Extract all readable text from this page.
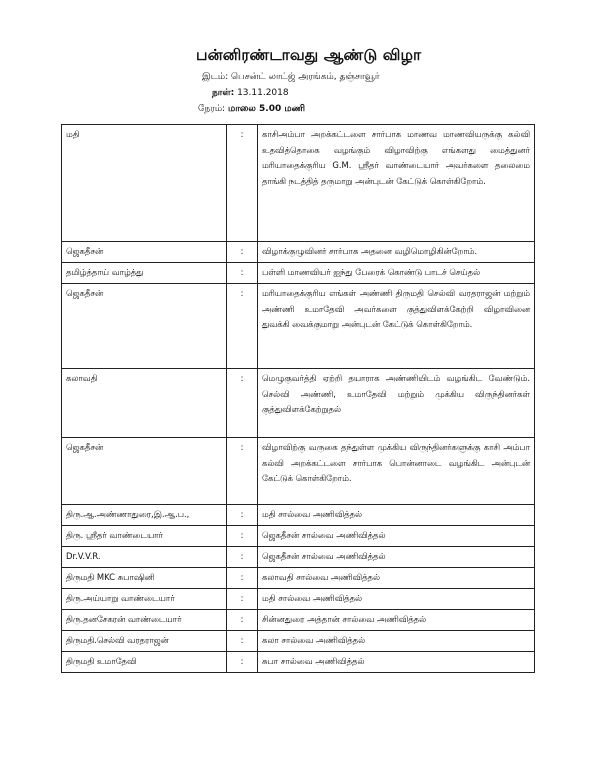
பன்னிரண்டாவது ஆண்டு விழா
இடம்: பெசன்ட் லாட்ஜ் அரங்கம், தஞ்சாவூர்
நாள்: 13.11.2018
நேரம்: மாலை 5.00 மணி
மதி	:	காசிஅம்பா அறக்கட்டளை சார்பாக மாணவ மாணவியருக்கு கல்வி உதவித்தொகை வழங்கும் விழாவிற்கு எங்களது மைத்துனர் மரியாதைக்குரிய G.M. ஸ்ரீதர் வாண்டையார் அவர்களை தலைமை தாங்கி நடத்தித் தருமாறு அன்புடன் கேட்டுக் கொள்கிறோம்.
ஜெகதீசன்	:	விழாக்குழுவினர் சார்பாக அதனை வழிமொழிகின்றோம்.
தமிழ்த்தாய் வாழ்த்து	:	பள்ளி மாணவியர் ஐந்து பேரைக் கொண்டு பாடச் செய்தல்
ஜெகதீசன்	:	மரியாதைக்குரிய எங்கள் அண்ணி திருமதி செல்வி வரதராஜன் மற்றும் அண்ணி உமாதேவி அவர்களை குத்துவிளக்கேற்றி விழாவினை துவக்கி வைக்குமாறு அன்புடன் கேட்டுக் கொள்கிறோம்.
கலாவதி	:	மெழுகுவர்த்தி ஏற்றி தயாராக அண்ணியிடம் வழங்கிட வேண்டும். செல்வி அண்ணி, உமாதேவி மற்றும் முக்கிய விருந்தினர்கள் குத்துவிளக்கேற்றுதல்
ஜெகதீசன்	:	விழாவிற்கு வருகை தந்துள்ள முக்கிய விருந்தினர்களுக்கு காசி அம்பா கல்வி அறக்கட்டளை சார்பாக பொன்னாடை வழங்கிட அன்புடன் கேட்டுக் கொள்கிறோம்.
திரு.ஆ.அண்ணாதுரை,இ.ஆ.ப.,	:	மதி சால்வை அணிவித்தல்
திரு. ஸ்ரீதர் வாண்டையார்	:	ஜெகதீசன் சால்வை அணிவித்தல்
Dr.V.V.R.	:	ஜெகதீசன் சால்வை அணிவித்தல்
திருமதி MKC சுபாஷினி	:	கலாவதி சால்வை அணிவித்தல்
திரு.அய்யாறு வாண்டையார்	:	மதி சால்வை அணிவித்தல்
திரு.தனசேகரன் வாண்டையார்	:	சின்னதுரை அத்தான் சால்வை அணிவித்தல்
திருமதி.செல்வி வரதராஜன்	:	கலா சால்வை அணிவித்தல்
திருமதி உமாதேவி	:	சுபா சால்வை அணிவித்தல்
